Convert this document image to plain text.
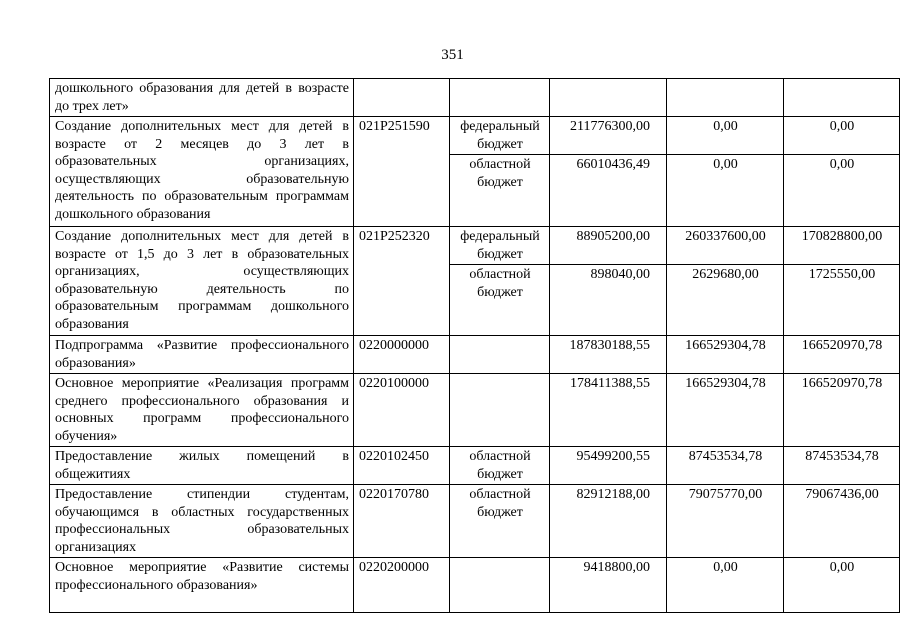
351
дошкольного образования для детей в возрасте до трех лет»					
Создание дополнительных мест для детей в возрасте от 2 месяцев до 3 лет в образовательных организациях, осуществляющих образовательную деятельность по образовательным программам дошкольного образования	021P251590	федеральный бюджет	211776300,00	0,00	0,00
		областной бюджет	66010436,49	0,00	0,00
Создание дополнительных мест для детей в возрасте от 1,5 до 3 лет в образовательных организациях, осуществляющих образовательную деятельность по образовательным программам дошкольного образования	021P252320	федеральный бюджет	88905200,00	260337600,00	170828800,00
		областной бюджет	898040,00	2629680,00	1725550,00
Подпрограмма «Развитие профессионального образования»	0220000000		187830188,55	166529304,78	166520970,78
Основное мероприятие «Реализация программ среднего профессионального образования и основных программ профессионального обучения»	0220100000		178411388,55	166529304,78	166520970,78
Предоставление жилых помещений в общежитиях	0220102450	областной бюджет	95499200,55	87453534,78	87453534,78
Предоставление стипендии студентам, обучающимся в областных государственных профессиональных образовательных организациях	0220170780	областной бюджет	82912188,00	79075770,00	79067436,00
Основное мероприятие «Развитие системы профессионального образования»	0220200000		9418800,00	0,00	0,00
